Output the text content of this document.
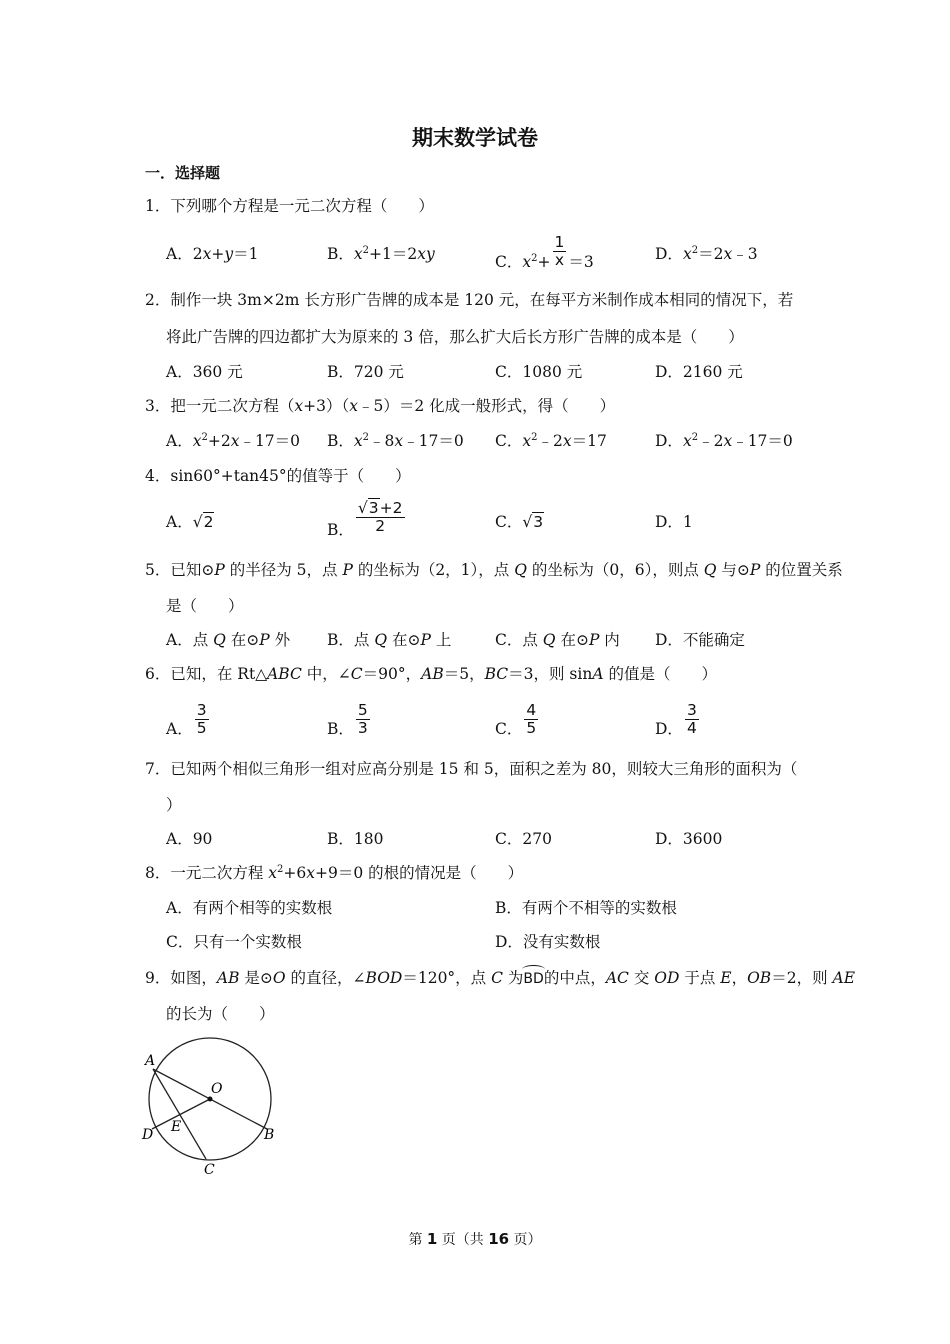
期末数学试卷
一．选择题
1．下列哪个方程是一元二次方程（　　）
A．2x+y＝1	B．$x^2+1=2xy$	C．$x^2+ \frac{1}{x} =3$	D．$x^2=2x﹣3$
2．制作一块 3m×2m 长方形广告牌的成本是 120 元，在每平方米制作成本相同的情况下，若
将此广告牌的四边都扩大为原来的 3 倍，那么扩大后长方形广告牌的成本是（　　）
A．360 元	B．720 元	C．1080 元	D．2160 元
3．把一元二次方程（x+3）（x﹣5）＝2 化成一般形式，得（　　）
A．$x^2+2x﹣17=0$ B．$x^2﹣8x﹣17=0$ C．$x^2﹣2x=17$	D．$x^2﹣2x﹣17=0$
4．sin60°+tan45°的值等于（　　）
A．√2	B． $\frac{√3+2}{2}$	C．√3	D．1
5．已知⊙P 的半径为 5，点 P 的坐标为（2，1），点 Q 的坐标为（0，6），则点 Q 与⊙P 的位置关系
是（　　）
A．点 Q 在⊙P 外 B．点 Q 在⊙P 上	C．点 Q 在⊙P 内 D．不能确定
6．已知，在 Rt△ABC 中，∠C＝90°，AB＝5，BC＝3，则 sinA 的值是（　　）
A． $\frac{3}{5}$	B． $\frac{5}{3}$	C． $\frac{4}{5}$	D． $\frac{3}{4}$
7．已知两个相似三角形一组对应高分别是 15 和 5，面积之差为 80，则较大三角形的面积为（
）
A．90	B．180	C．270	D．3600
8．一元二次方程 $x^2+6x+9=0$ 的根的情况是（　　）
A．有两个相等的实数根	B．有两个不相等的实数根
C．只有一个实数根	D．没有实数根
9．如图，AB 是⊙O 的直径，∠BOD＝120°，点 C 为BD的中点，AC 交 OD 于点 E，OB＝2，则 AE
的长为（　　）
A
O
D E	B
C
第 1 页（共 16 页）
